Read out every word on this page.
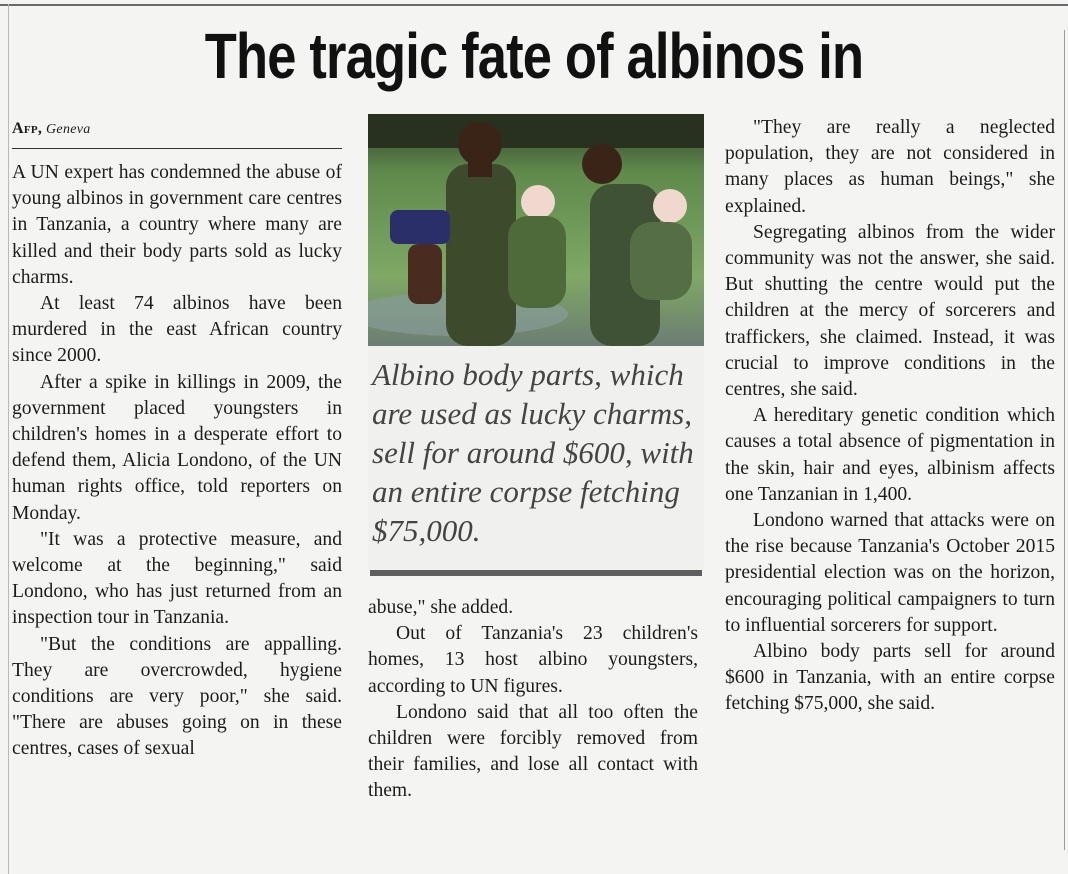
The tragic fate of albinos in
Afp, Geneva

A UN expert has condemned the abuse of young albinos in government care centres in Tanzania, a country where many are killed and their body parts sold as lucky charms.

At least 74 albinos have been murdered in the east African country since 2000.

After a spike in killings in 2009, the government placed youngsters in children's homes in a desperate effort to defend them, Alicia Londono, of the UN human rights office, told reporters on Monday.

"It was a protective measure, and welcome at the beginning," said Londono, who has just returned from an inspection tour in Tanzania.

"But the conditions are appalling. They are overcrowded, hygiene conditions are very poor," she said. "There are abuses going on in these centres, cases of sexual

Albino body parts, which are used as lucky charms, sell for around $600, with an entire corpse fetching $75,000.

abuse," she added.

Out of Tanzania's 23 children's homes, 13 host albino youngsters, according to UN figures.

Londono said that all too often the children were forcibly removed from their families, and lose all contact with them.

"They are really a neglected population, they are not considered in many places as human beings," she explained.

Segregating albinos from the wider community was not the answer, she said. But shutting the centre would put the children at the mercy of sorcerers and traffickers, she claimed. Instead, it was crucial to improve conditions in the centres, she said.

A hereditary genetic condition which causes a total absence of pigmentation in the skin, hair and eyes, albinism affects one Tanzanian in 1,400.

Londono warned that attacks were on the rise because Tanzania's October 2015 presidential election was on the horizon, encouraging political campaigners to turn to influential sorcerers for support.

Albino body parts sell for around $600 in Tanzania, with an entire corpse fetching $75,000, she said.
